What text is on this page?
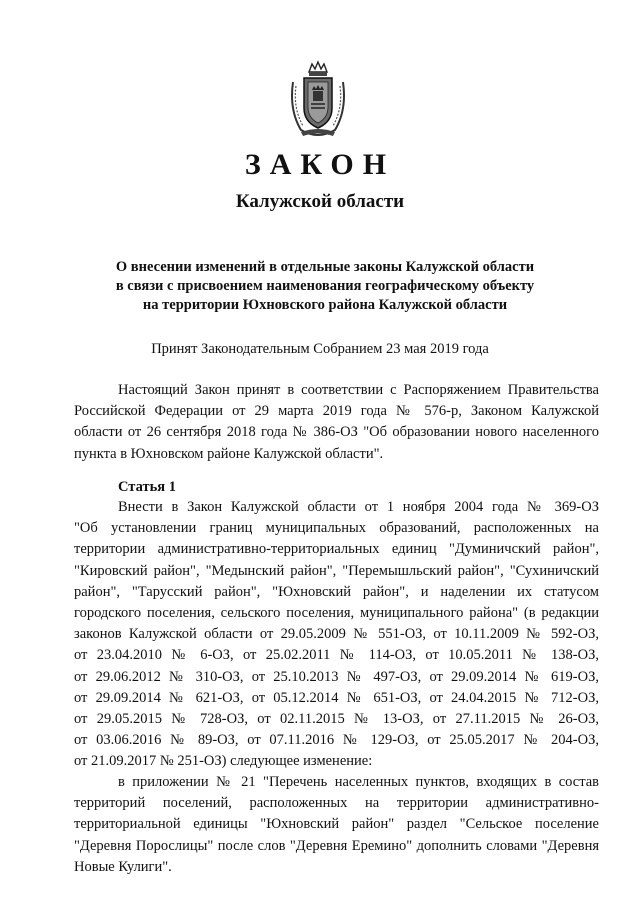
ЗАКОН
Калужской области
О внесении изменений в отдельные законы Калужской области
в связи с присвоением наименования географическому объекту
на территории Юхновского района Калужской области
Принят Законодательным Собранием 23 мая 2019 года
Настоящий Закон принят в соответствии с Распоряжением Правительства
Российской Федерации от 29 марта 2019 года № 576-р, Законом Калужской
области от 26 сентября 2018 года № 386-ОЗ "Об образовании нового населенного
пункта в Юхновском районе Калужской области".
Статья 1
Внести в Закон Калужской области от 1 ноября 2004 года № 369-ОЗ
"Об установлении границ муниципальных образований, расположенных на
территории административно-территориальных единиц "Думиничский район",
"Кировский район", "Медынский район", "Перемышльский район", "Сухиничский
район", "Тарусский район", "Юхновский район", и наделении их статусом
городского поселения, сельского поселения, муниципального района" (в редакции
законов Калужской области от 29.05.2009 № 551-ОЗ, от 10.11.2009 № 592-ОЗ,
от 23.04.2010 № 6-ОЗ, от 25.02.2011 № 114-ОЗ, от 10.05.2011 № 138-ОЗ,
от 29.06.2012 № 310-ОЗ, от 25.10.2013 № 497-ОЗ, от 29.09.2014 № 619-ОЗ,
от 29.09.2014 № 621-ОЗ, от 05.12.2014 № 651-ОЗ, от 24.04.2015 № 712-ОЗ,
от 29.05.2015 № 728-ОЗ, от 02.11.2015 № 13-ОЗ, от 27.11.2015 № 26-ОЗ,
от 03.06.2016 № 89-ОЗ, от 07.11.2016 № 129-ОЗ, от 25.05.2017 № 204-ОЗ,
от 21.09.2017 № 251-ОЗ) следующее изменение:
в приложении № 21 "Перечень населенных пунктов, входящих в состав
территорий поселений, расположенных на территории административно-
территориальной единицы "Юхновский район" раздел "Сельское поселение
"Деревня Порослицы" после слов "Деревня Еремино" дополнить словами "Деревня
Новые Кулиги".
